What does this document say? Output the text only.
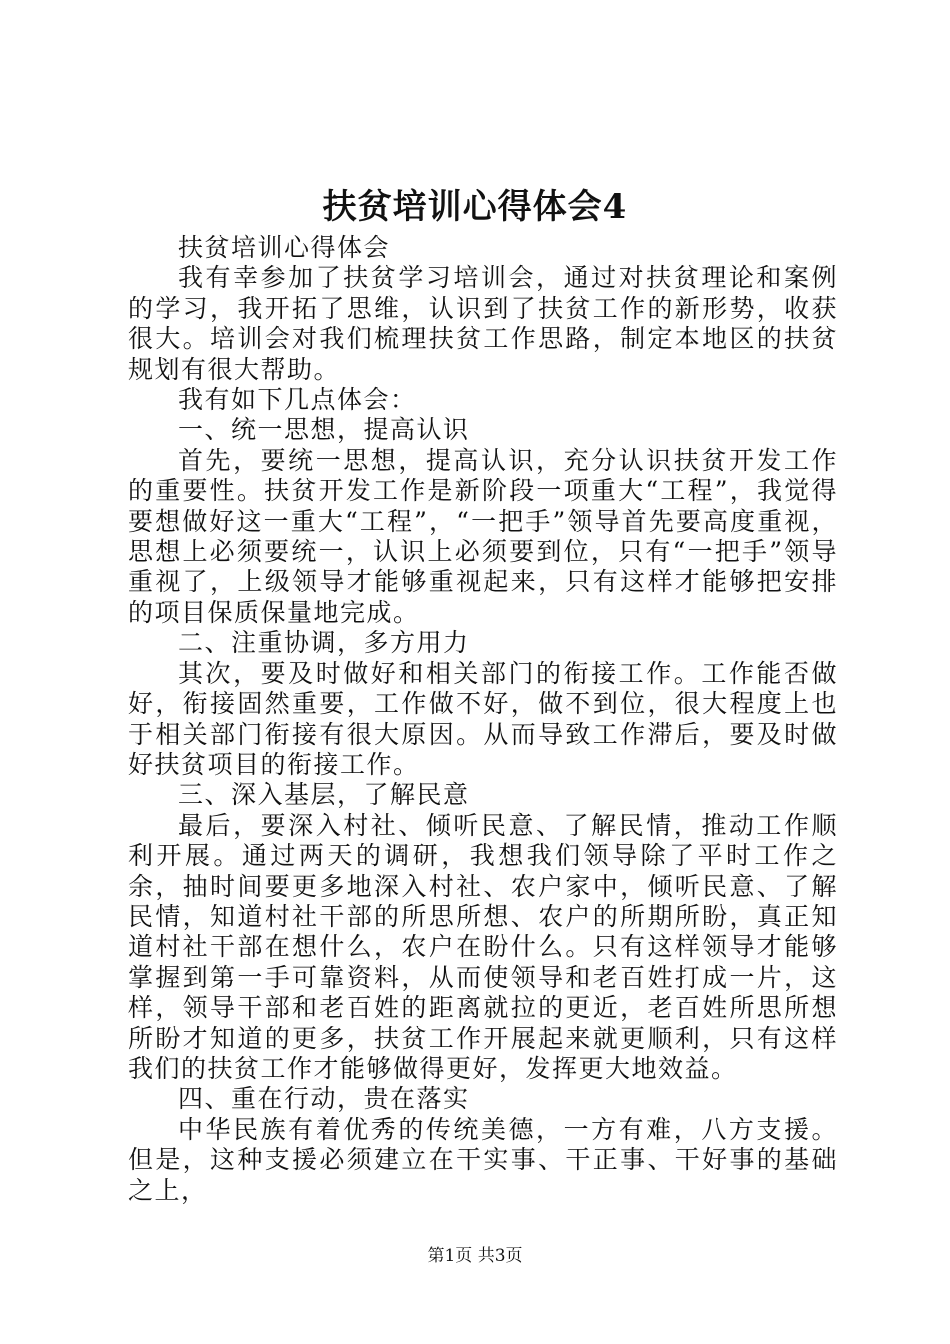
扶贫培训心得体会4

扶贫培训心得体会

我有幸参加了扶贫学习培训会，通过对扶贫理论和案例的学习，我开拓了思维，认识到了扶贫工作的新形势，收获很大。培训会对我们梳理扶贫工作思路，制定本地区的扶贫规划有很大帮助。

我有如下几点体会：

一、统一思想，提高认识

首先，要统一思想，提高认识，充分认识扶贫开发工作的重要性。扶贫开发工作是新阶段一项重大“工程”，我觉得要想做好这一重大“工程”，“一把手”领导首先要高度重视，思想上必须要统一，认识上必须要到位，只有“一把手”领导重视了，上级领导才能够重视起来，只有这样才能够把安排的项目保质保量地完成。

二、注重协调，多方用力

其次，要及时做好和相关部门的衔接工作。工作能否做好，衔接固然重要，工作做不好，做不到位，很大程度上也于相关部门衔接有很大原因。从而导致工作滞后，要及时做好扶贫项目的衔接工作。

三、深入基层，了解民意

最后，要深入村社、倾听民意、了解民情，推动工作顺利开展。通过两天的调研，我想我们领导除了平时工作之余，抽时间要更多地深入村社、农户家中，倾听民意、了解民情，知道村社干部的所思所想、农户的所期所盼，真正知道村社干部在想什么，农户在盼什么。只有这样领导才能够掌握到第一手可靠资料，从而使领导和老百姓打成一片，这样，领导干部和老百姓的距离就拉的更近，老百姓所思所想所盼才知道的更多，扶贫工作开展起来就更顺利，只有这样我们的扶贫工作才能够做得更好，发挥更大地效益。

四、重在行动，贵在落实

中华民族有着优秀的传统美德，一方有难，八方支援。但是，这种支援必须建立在干实事、干正事、干好事的基础之上，

第1页 共3页
